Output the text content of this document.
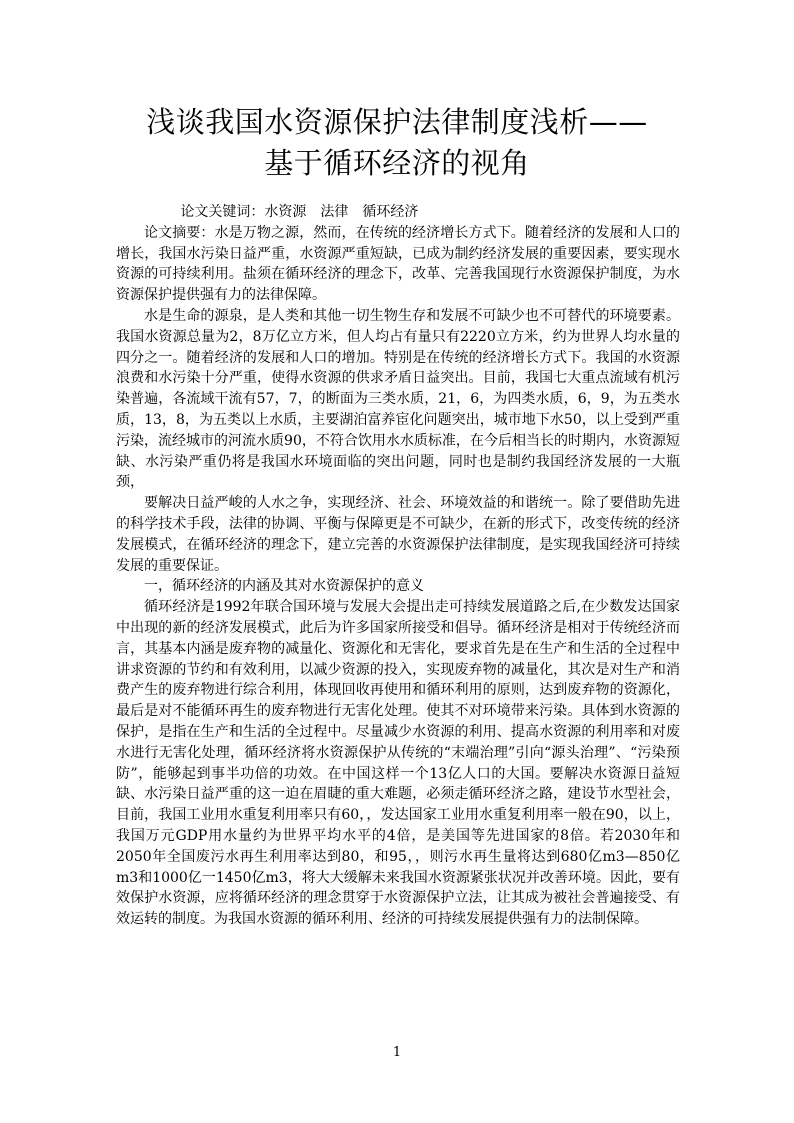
浅谈我国水资源保护法律制度浅析——
基于循环经济的视角

论文关键词：水资源　法律　循环经济

论文摘要：水是万物之源，然而，在传统的经济增长方式下。随着经济的发展和人口的增长，我国水污染日益严重，水资源严重短缺，已成为制约经济发展的重要因素，要实现水资源的可持续利用。盐须在循环经济的理念下，改革、完善我国现行水资源保护制度，为水资源保护提供强有力的法律保障。

水是生命的源泉，是人类和其他一切生物生存和发展不可缺少也不可替代的环境要素。我国水资源总量为2，8万亿立方米，但人均占有量只有2220立方米，约为世界人均水量的四分之一。随着经济的发展和人口的增加。特别是在传统的经济增长方式下。我国的水资源浪费和水污染十分严重，使得水资源的供求矛盾日益突出。目前，我国七大重点流域有机污染普遍，各流域干流有57，7，的断面为三类水质，21，6，为四类水质，6，9，为五类水质，13，8，为五类以上水质，主要湖泊富养宦化问题突出，城市地下水50，以上受到严重污染，流经城市的河流水质90，不符合饮用水水质标准，在今后相当长的时期内，水资源短缺、水污染严重仍将是我国水环境面临的突出问题，同时也是制约我国经济发展的一大瓶颈，

要解决日益严峻的人水之争，实现经济、社会、环境效益的和谐统一。除了要借助先进的科学技术手段，法律的协调、平衡与保障更是不可缺少，在新的形式下，改变传统的经济发展模式，在循环经济的理念下，建立完善的水资源保护法律制度，是实现我国经济可持续发展的重要保证。

一，循环经济的内涵及其对水资源保护的意义

循环经济是1992年联合国环境与发展大会提出走可持续发展道路之后,在少数发达国家中出现的新的经济发展模式，此后为许多国家所接受和倡导。循环经济是相对于传统经济而言，其基本内涵是废弃物的减量化、资源化和无害化，要求首先是在生产和生活的全过程中讲求资源的节约和有效利用，以减少资源的投入，实现废弃物的减量化，其次是对生产和消费产生的废弃物进行综合利用，体现回收再使用和循环利用的原则，达到废弃物的资源化，最后是对不能循环再生的废弃物进行无害化处理。使其不对环境带来污染。具体到水资源的保护，是指在生产和生活的全过程中。尽量减少水资源的利用、提高水资源的利用率和对废水进行无害化处理，循环经济将水资源保护从传统的“末端治理”引向“源头治理”、“污染预防”，能够起到事半功倍的功效。在中国这样一个13亿人口的大国。要解决水资源日益短缺、水污染日益严重的这一迫在眉睫的重大难题，必须走循环经济之路，建设节水型社会，目前，我国工业用水重复利用率只有60，，发达国家工业用水重复利用率一般在90，以上，我国万元GDP用水量约为世界平均水平的4倍，是美国等先进国家的8倍。若2030年和2050年全国废污水再生利用率达到80，和95，，则污水再生量将达到680亿m3—850亿m3和1000亿一1450亿m3，将大大缓解未来我国水资源紧张状况并改善环境。因此，要有效保护水资源，应将循环经济的理念贯穿于水资源保护立法，让其成为被社会普遍接受、有效运转的制度。为我国水资源的循环利用、经济的可持续发展提供强有力的法制保障。

1
